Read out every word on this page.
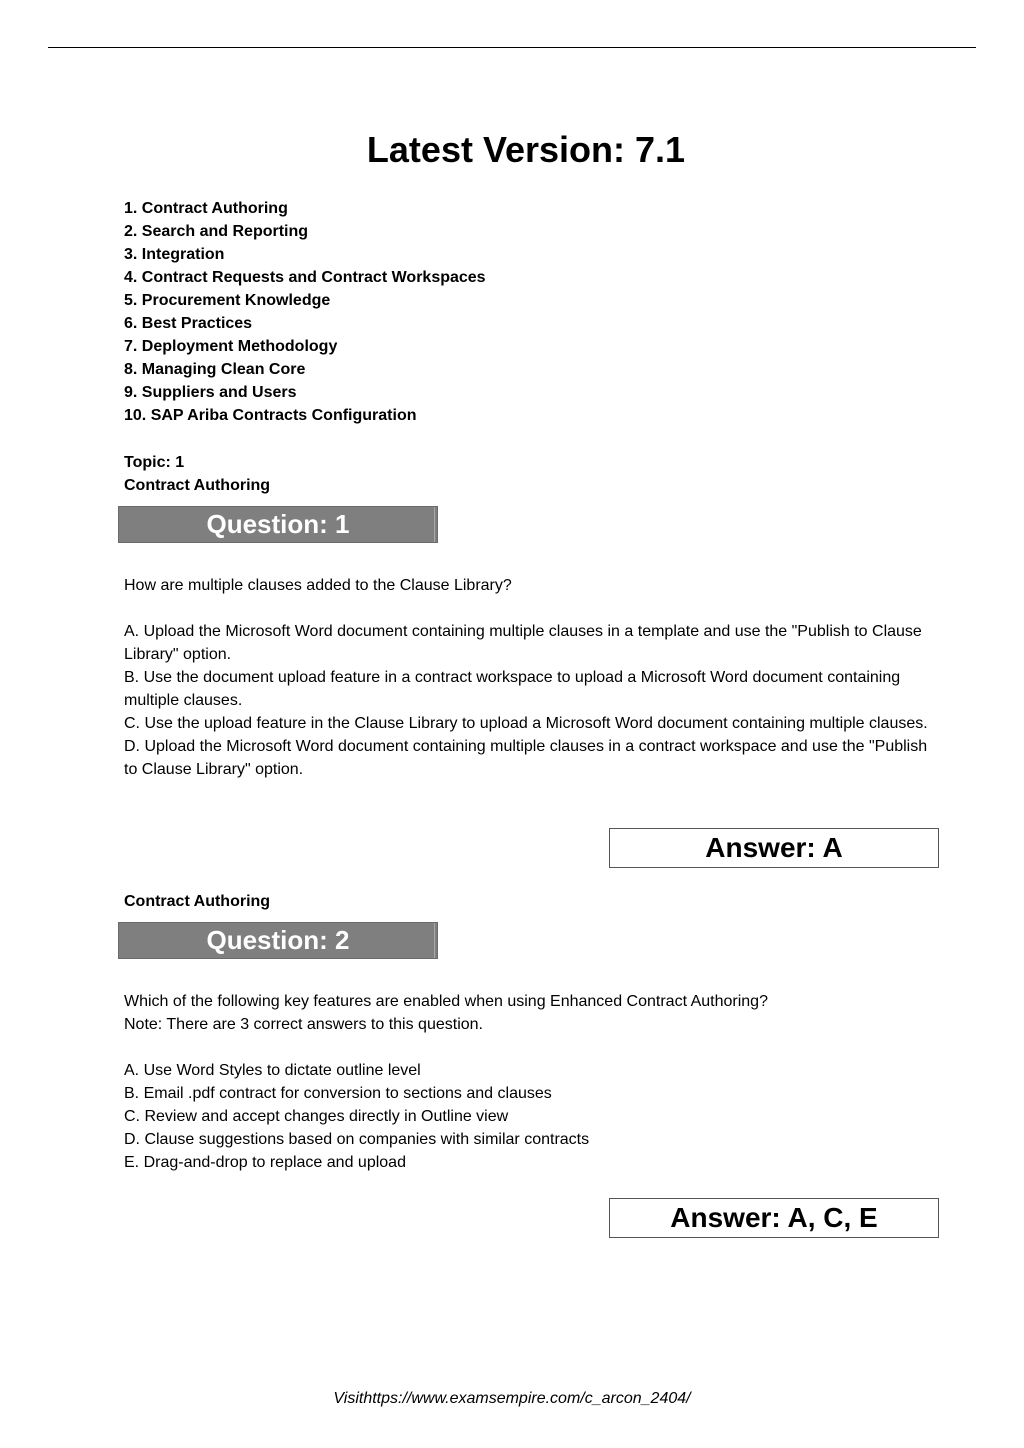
Latest Version: 7.1
1. Contract Authoring
2. Search and Reporting
3. Integration
4. Contract Requests and Contract Workspaces
5. Procurement Knowledge
6. Best Practices
7. Deployment Methodology
8. Managing Clean Core
9. Suppliers and Users
10. SAP Ariba Contracts Configuration
Topic: 1
Contract Authoring
Question: 1

How are multiple clauses added to the Clause Library?

A. Upload the Microsoft Word document containing multiple clauses in a template and use the "Publish to Clause Library" option.

B. Use the document upload feature in a contract workspace to upload a Microsoft Word document containing multiple clauses.

C. Use the upload feature in the Clause Library to upload a Microsoft Word document containing multiple clauses.

D. Upload the Microsoft Word document containing multiple clauses in a contract workspace and use the "Publish to Clause Library" option.

Answer: A
Contract Authoring
Question: 2

Which of the following key features are enabled when using Enhanced Contract Authoring?

Note: There are 3 correct answers to this question.

A. Use Word Styles to dictate outline level

B. Email .pdf contract for conversion to sections and clauses

C. Review and accept changes directly in Outline view

D. Clause suggestions based on companies with similar contracts

E. Drag-and-drop to replace and upload

Answer: A, C, E
Visithttps://www.examsempire.com/c_arcon_2404/
